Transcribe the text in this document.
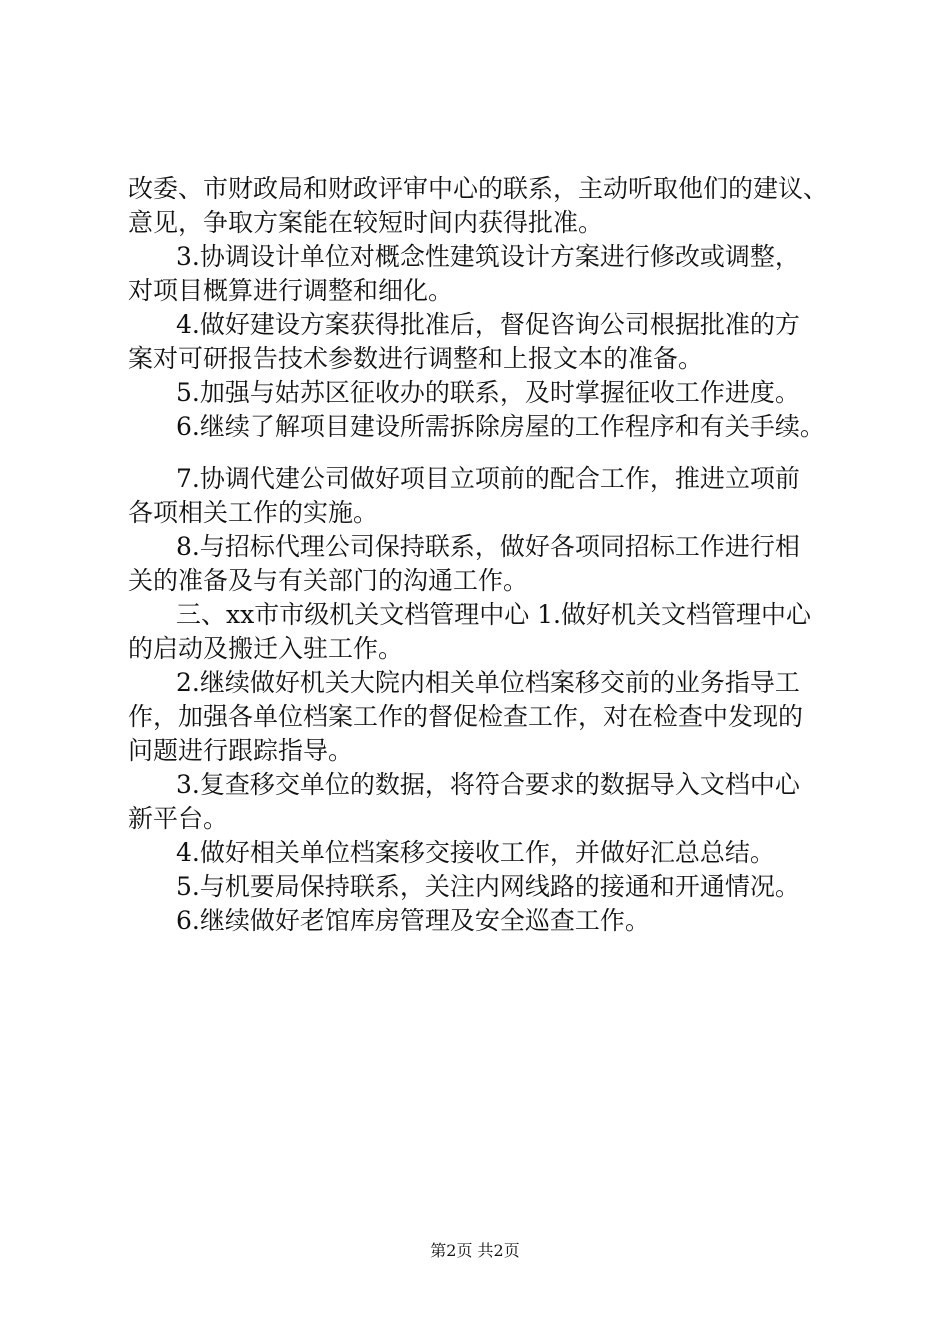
改委、市财政局和财政评审中心的联系，主动听取他们的建议、
意见，争取方案能在较短时间内获得批准。
3.协调设计单位对概念性建筑设计方案进行修改或调整，
对项目概算进行调整和细化。
4.做好建设方案获得批准后，督促咨询公司根据批准的方
案对可研报告技术参数进行调整和上报文本的准备。
5.加强与姑苏区征收办的联系，及时掌握征收工作进度。
6.继续了解项目建设所需拆除房屋的工作程序和有关手续。
7.协调代建公司做好项目立项前的配合工作，推进立项前
各项相关工作的实施。
8.与招标代理公司保持联系，做好各项同招标工作进行相
关的准备及与有关部门的沟通工作。
三、xx市市级机关文档管理中心 1.做好机关文档管理中心
的启动及搬迁入驻工作。
2.继续做好机关大院内相关单位档案移交前的业务指导工
作，加强各单位档案工作的督促检查工作，对在检查中发现的
问题进行跟踪指导。
3.复查移交单位的数据，将符合要求的数据导入文档中心
新平台。
4.做好相关单位档案移交接收工作，并做好汇总总结。
5.与机要局保持联系，关注内网线路的接通和开通情况。
6.继续做好老馆库房管理及安全巡查工作。
第2页 共2页
